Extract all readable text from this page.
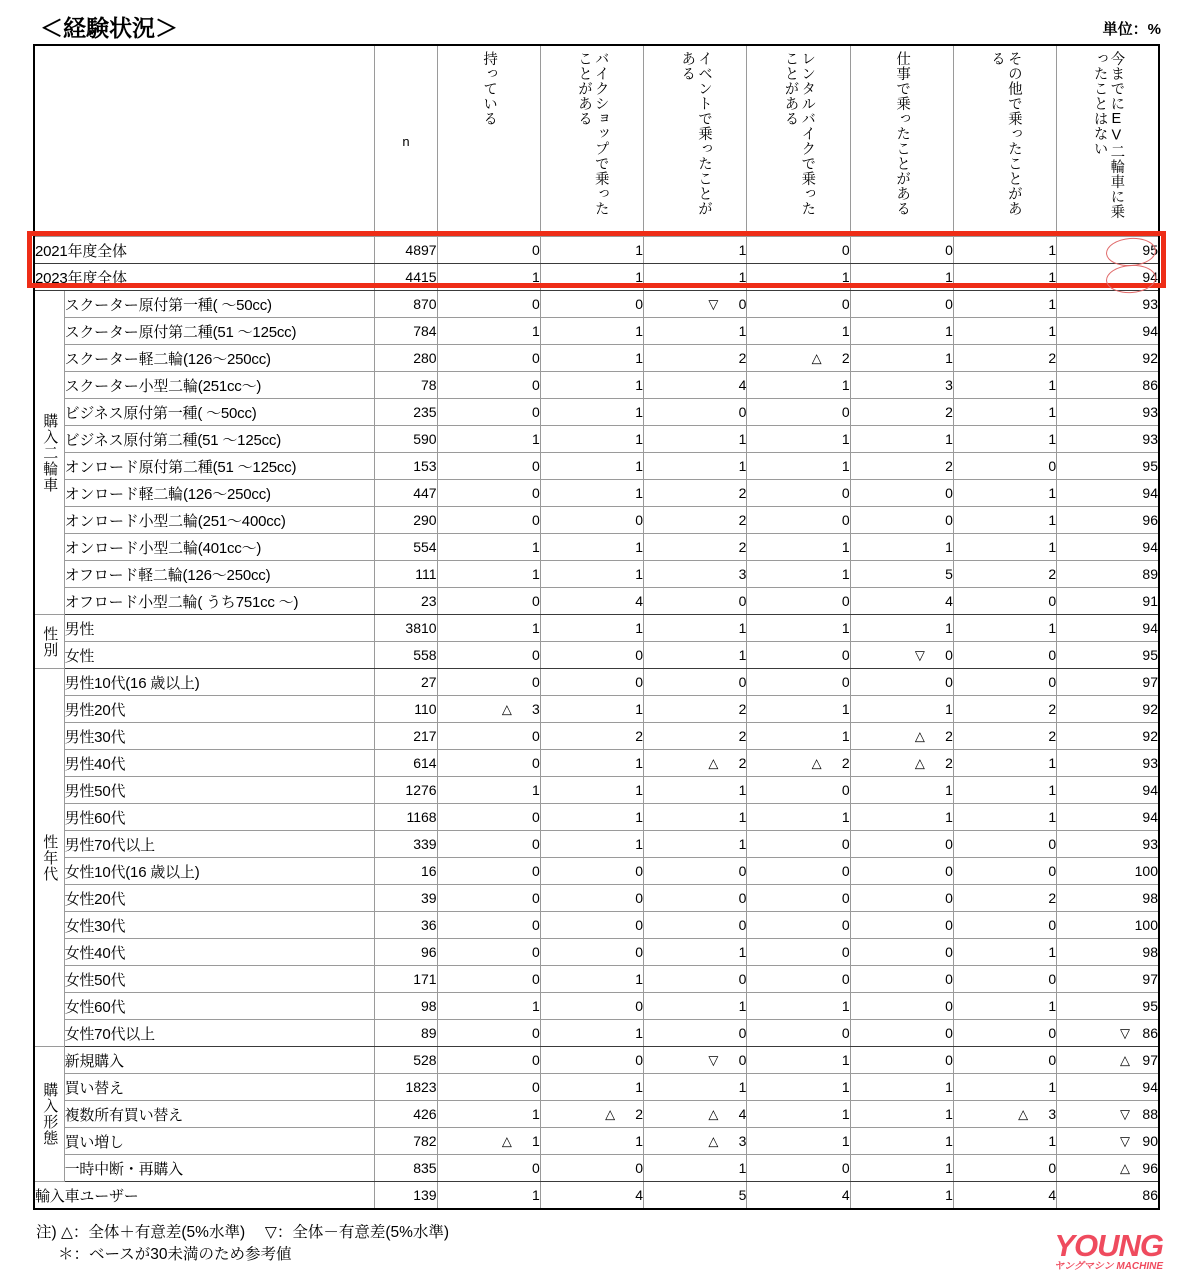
＜経験状況＞	単位：%
		n	持っている	バイクショップで乗ったことがある	イベントで乗ったことがある	レンタルバイクで乗ったことがある	仕事で乗ったことがある	その他で乗ったことがある	今までにEV二輪車に乗ったことはない
2021年度全体		4897	0	1	1	0	0	1	95
2023年度全体		4415	1	1	1	1	1	1	94
購入二輪車	スクーター原付第一種( ～50cc)	870	0	0	▽ 0	0	0	1	93
	スクーター原付第二種(51 ～125cc)	784	1	1	1	1	1	1	94
	スクーター軽二輪(126～250cc)	280	0	1	2	△ 2	1	2	92
	スクーター小型二輪(251cc～)	78	0	1	4	1	3	1	86
	ビジネス原付第一種( ～50cc)	235	0	1	0	0	2	1	93
	ビジネス原付第二種(51 ～125cc)	590	1	1	1	1	1	1	93
	オンロード原付第二種(51 ～125cc)	153	0	1	1	1	2	0	95
	オンロード軽二輪(126～250cc)	447	0	1	2	0	0	1	94
	オンロード小型二輪(251～400cc)	290	0	0	2	0	0	1	96
	オンロード小型二輪(401cc～)	554	1	1	2	1	1	1	94
	オフロード軽二輪(126～250cc)	111	1	1	3	1	5	2	89
	オフロード小型二輪( うち751cc ～)	23	0	4	0	0	4	0	91
性別	男性	3810	1	1	1	1	1	1	94
	女性	558	0	0	1	0	▽ 0	0	95
性年代	男性10代(16 歳以上)	27	0	0	0	0	0	0	97
	男性20代	110	△ 3	1	2	1	1	2	92
	男性30代	217	0	2	2	1	△ 2	2	92
	男性40代	614	0	1	△ 2	△ 2	△ 2	1	93
	男性50代	1276	1	1	1	0	1	1	94
	男性60代	1168	0	1	1	1	1	1	94
	男性70代以上	339	0	1	1	0	0	0	93
	女性10代(16 歳以上)	16	0	0	0	0	0	0	100
	女性20代	39	0	0	0	0	0	2	98
	女性30代	36	0	0	0	0	0	0	100
	女性40代	96	0	0	1	0	0	1	98
	女性50代	171	0	1	0	0	0	0	97
	女性60代	98	1	0	1	1	0	1	95
	女性70代以上	89	0	1	0	0	0	0	▽ 86
購入形態	新規購入	528	0	0	▽ 0	1	0	0	△ 97
	買い替え	1823	0	1	1	1	1	1	94
	複数所有買い替え	426	1	△ 2	△ 4	1	1	△ 3	▽ 88
	買い増し	782	△ 1	1	△ 3	1	1	1	▽ 90
	一時中断・再購入	835	0	0	1	0	1	0	△ 96
輸入車ユーザー		139	1	4	5	4	1	4	86
注) △：全体＋有意差(5%水準)　 ▽：全体－有意差(5%水準)
＊：ベースが30未満のため参考値	YOUNG
ヤングマシン MACHINE
